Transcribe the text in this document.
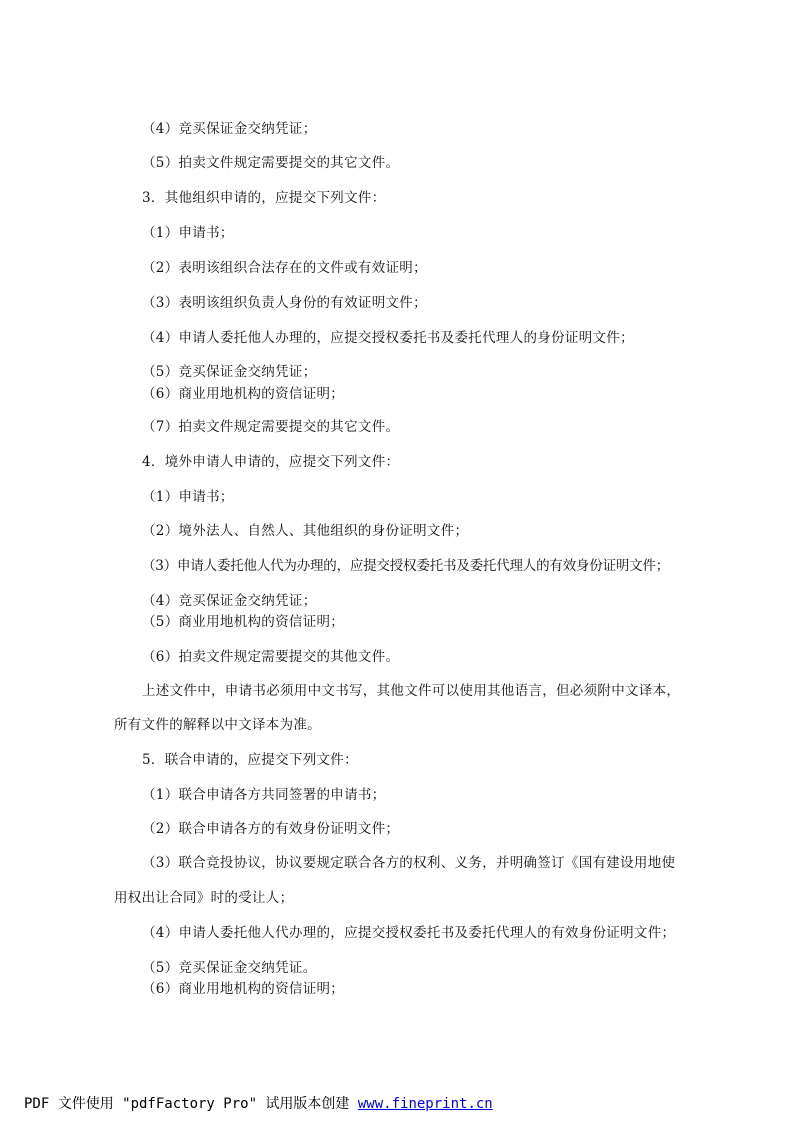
（4）竞买保证金交纳凭证；
（5）拍卖文件规定需要提交的其它文件。
3．其他组织申请的，应提交下列文件：
（1）申请书；
（2）表明该组织合法存在的文件或有效证明；
（3）表明该组织负责人身份的有效证明文件；
（4）申请人委托他人办理的，应提交授权委托书及委托代理人的身份证明文件；
（5）竞买保证金交纳凭证；
（6）商业用地机构的资信证明；
（7）拍卖文件规定需要提交的其它文件。
4．境外申请人申请的，应提交下列文件：
（1）申请书；
（2）境外法人、自然人、其他组织的身份证明文件；
（3）申请人委托他人代为办理的，应提交授权委托书及委托代理人的有效身份证明文件；
（4）竞买保证金交纳凭证；
（5）商业用地机构的资信证明；
（6）拍卖文件规定需要提交的其他文件。
上述文件中，申请书必须用中文书写，其他文件可以使用其他语言，但必须附中文译本，
所有文件的解释以中文译本为准。
5．联合申请的，应提交下列文件：
（1）联合申请各方共同签署的申请书；
（2）联合申请各方的有效身份证明文件；
（3）联合竞投协议，协议要规定联合各方的权利、义务，并明确签订《国有建设用地使
用权出让合同》时的受让人；
（4）申请人委托他人代办理的，应提交授权委托书及委托代理人的有效身份证明文件；
（5）竞买保证金交纳凭证。
（6）商业用地机构的资信证明；
PDF 文件使用 "pdfFactory Pro" 试用版本创建 www.fineprint.cn
